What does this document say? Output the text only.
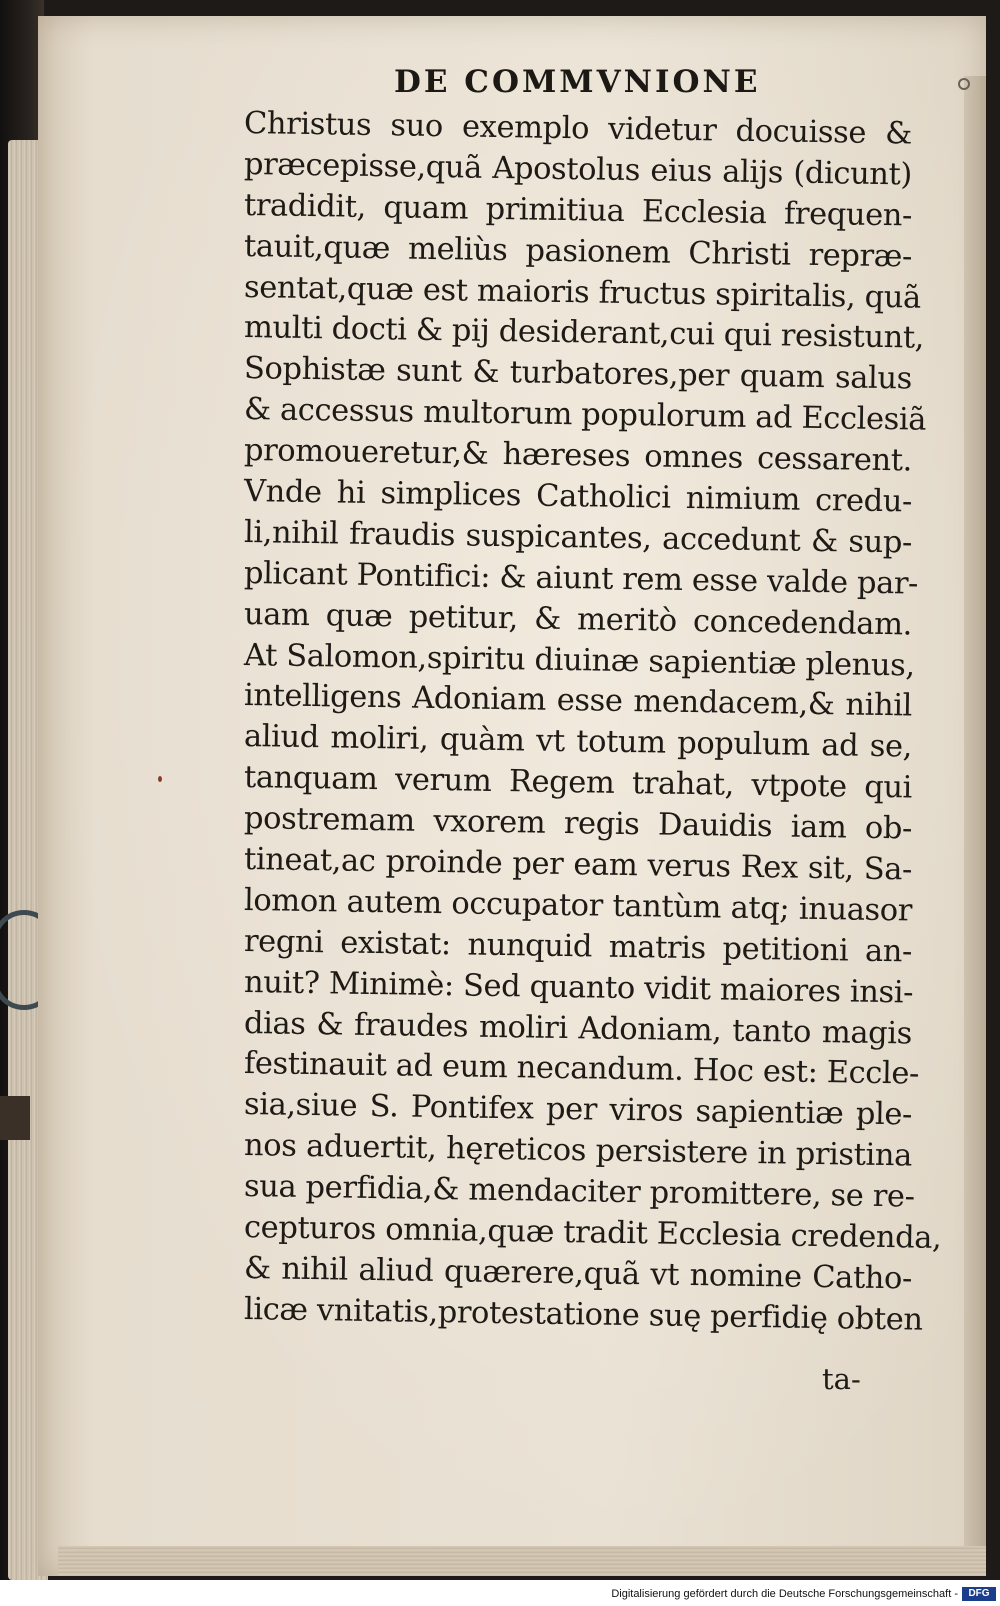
DE COMMVNIONE
Christus suo exemplo videtur docuisse &
præcepisse,quã Apostolus eius alijs (dicunt)
tradidit, quam primitiua Ecclesia frequen-
tauit,quæ meliùs pasionem Christi repræ-
sentat,quæ est maioris fructus spiritalis, quã
multi docti & pij desiderant,cui qui resistunt,
Sophistæ sunt & turbatores,per quam salus
& accessus multorum populorum ad Ecclesiã
promoueretur,& hæreses omnes cessarent.
Vnde hi simplices Catholici nimium credu-
li,nihil fraudis suspicantes, accedunt & sup-
plicant Pontifici: & aiunt rem esse valde par-
uam quæ petitur, & meritò concedendam.
At Salomon,spiritu diuinæ sapientiæ plenus,
intelligens Adoniam esse mendacem,& nihil
aliud moliri, quàm vt totum populum ad se,
tanquam verum Regem trahat, vtpote qui
postremam vxorem regis Dauidis iam ob-
tineat,ac proinde per eam verus Rex sit, Sa-
lomon autem occupator tantùm atq; inuasor
regni existat: nunquid matris petitioni an-
nuit? Minimè: Sed quanto vidit maiores insi-
dias & fraudes moliri Adoniam, tanto magis
festinauit ad eum necandum. Hoc est: Eccle-
sia,siue S. Pontifex per viros sapientiæ ple-
nos aduertit, hęreticos persistere in pristina
sua perfidia,& mendaciter promittere, se re-
cepturos omnia,quæ tradit Ecclesia credenda,
& nihil aliud quærere,quã vt nomine Catho-
licæ vnitatis,protestatione suę perfidię obten
ta-
Digitalisierung gefördert durch die Deutsche Forschungsgemeinschaft -	DFG
